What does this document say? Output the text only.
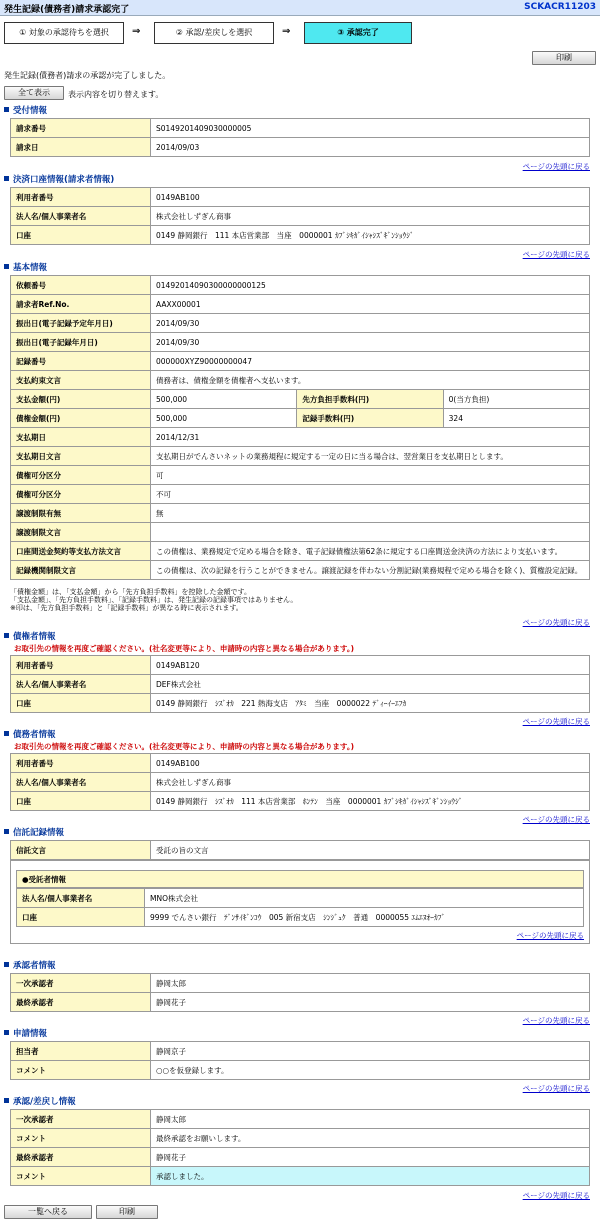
発生記録(債務者)請求承認完了	SCKACR11203
① 対象の承認待ちを選択	⇒	② 承認/差戻しを選択	⇒	③ 承認完了
印刷
発生記録(債務者)請求の承認が完了しました。
全て表示	表示内容を切り替えます。
受付情報
請求番号	S0149201409030000005
請求日	2014/09/03
ページの先頭に戻る
決済口座情報(請求者情報)
利用者番号	0149AB100
法人名/個人事業者名	株式会社しずぎん商事
口座	0149 静岡銀行　111 本店営業部　当座　0000001 ｶﾌﾞｼｷｶﾞｲｼｬｼｽﾞｷﾞﾝｼｮｳｼﾞ
ページの先頭に戻る
基本情報
依頼番号	01492014090300000000125		
請求者Ref.No.	AAXX00001		
振出日(電子記録予定年月日)	2014/09/30		
振出日(電子記録年月日)	2014/09/30		
記録番号	000000XYZ90000000047		
支払約束文言	債務者は、債権金額を債権者へ支払います。		
支払金額(円)	500,000	先方負担手数料(円)	0(当方負担)
債権金額(円)	500,000	記録手数料(円)	324
支払期日	2014/12/31		
支払期日文言	支払期日がでんさいネットの業務規程に規定する一定の日に当る場合は、翌営業日を支払期日とします。		
債権可分区分	可		
債権可分区分	不可		
譲渡制限有無	無		
譲渡制限文言			
口座間送金契約等支払方法文言	この債権は、業務規定で定める場合を除き、電子記録債権法第62条に規定する口座間送金決済の方法により支払います。		
記録機関制限文言	この債権は、次の記録を行うことができません。譲渡記録を伴わない分割記録(業務規程で定める場合を除く)、質権設定記録。		
「債権金額」は、「支払金額」から「先方負担手数料」を控除した金額です。
「支払金額」、「先方負担手数料」、「記録手数料」は、発生記録の記録事項ではありません。
※印は、「先方負担手数料」と「記録手数料」が異なる時に表示されます。
ページの先頭に戻る
債権者情報
お取引先の情報を再度ご確認ください。(社名変更等により、申請時の内容と異なる場合があります。)
利用者番号	0149AB120
法人名/個人事業者名	DEF株式会社
口座	0149 静岡銀行　ｼｽﾞｵｶ　221 熱海支店　ｱﾀﾐ　当座　0000022 ﾃﾞｨｰｲｰｴﾌｶ
ページの先頭に戻る
債務者情報
お取引先の情報を再度ご確認ください。(社名変更等により、申請時の内容と異なる場合があります。)
利用者番号	0149AB100
法人名/個人事業者名	株式会社しずぎん商事
口座	0149 静岡銀行　ｼｽﾞｵｶ　111 本店営業部　ﾎﾝﾃﾝ　当座　0000001 ｶﾌﾞｼｷｶﾞｲｼｬｼｽﾞｷﾞﾝｼｮｳｼﾞ
ページの先頭に戻る
信託記録情報
信託文言	受託の旨の文言
●受託者情報
法人名/個人事業者名	MNO株式会社
口座	9999 でんさい銀行　ﾃﾞﾝｻｲｷﾞﾝｺｳ　005 新宿支店　ｼﾝｼﾞｭｸ　普通　0000055 ｴﾑｴﾇｵｰｶﾌﾞ
ページの先頭に戻る
承認者情報
一次承認者	静岡太郎
最終承認者	静岡花子
ページの先頭に戻る
申請情報
担当者	静岡京子
コメント	○○を仮登録します。
ページの先頭に戻る
承認/差戻し情報
一次承認者	静岡太郎
コメント	最終承認をお願いします。
最終承認者	静岡花子
コメント	承認しました。
ページの先頭に戻る
一覧へ戻る	印刷
